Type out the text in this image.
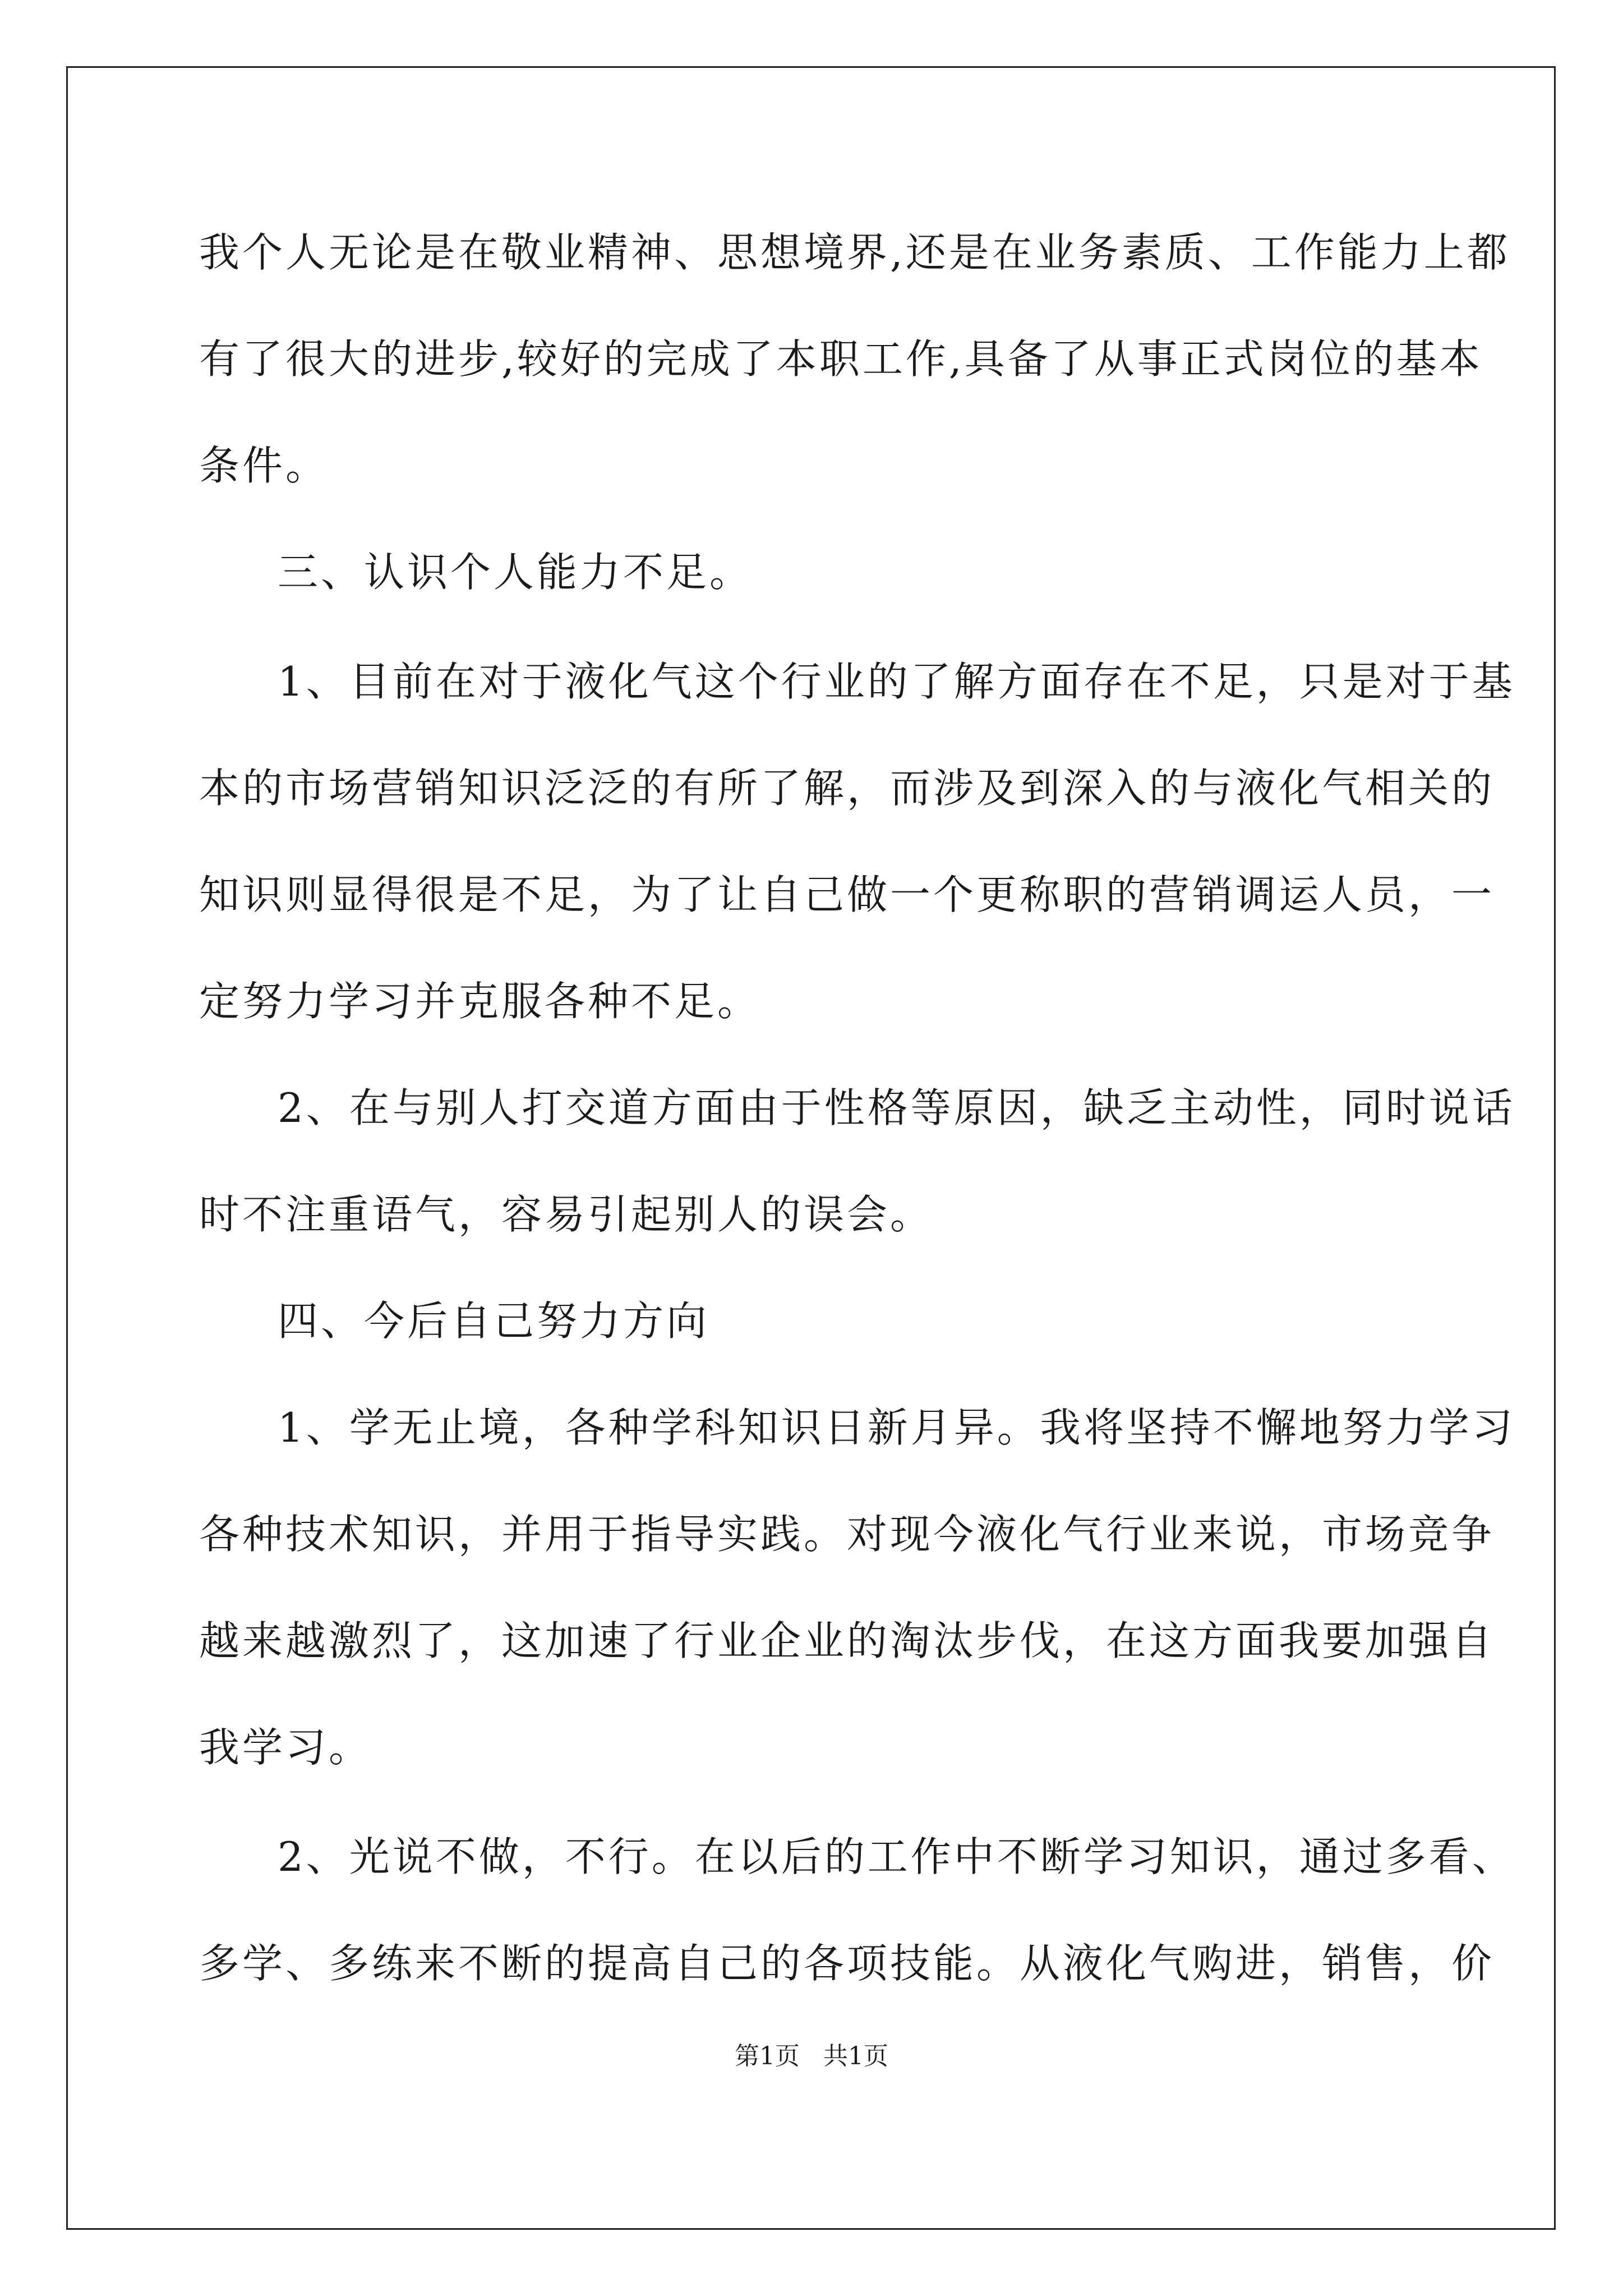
我个人无论是在敬业精神、思想境界,还是在业务素质、工作能力上都
有了很大的进步,较好的完成了本职工作,具备了从事正式岗位的基本
条件。
三、认识个人能力不足。
1、目前在对于液化气这个行业的了解方面存在不足，只是对于基
本的市场营销知识泛泛的有所了解，而涉及到深入的与液化气相关的
知识则显得很是不足，为了让自己做一个更称职的营销调运人员，一
定努力学习并克服各种不足。
2、在与别人打交道方面由于性格等原因，缺乏主动性，同时说话
时不注重语气，容易引起别人的误会。
四、今后自己努力方向
1、学无止境，各种学科知识日新月异。我将坚持不懈地努力学习
各种技术知识，并用于指导实践。对现今液化气行业来说，市场竞争
越来越激烈了，这加速了行业企业的淘汰步伐，在这方面我要加强自
我学习。
2、光说不做，不行。在以后的工作中不断学习知识，通过多看、
多学、多练来不断的提高自己的各项技能。从液化气购进，销售，价
第1页   共1页
